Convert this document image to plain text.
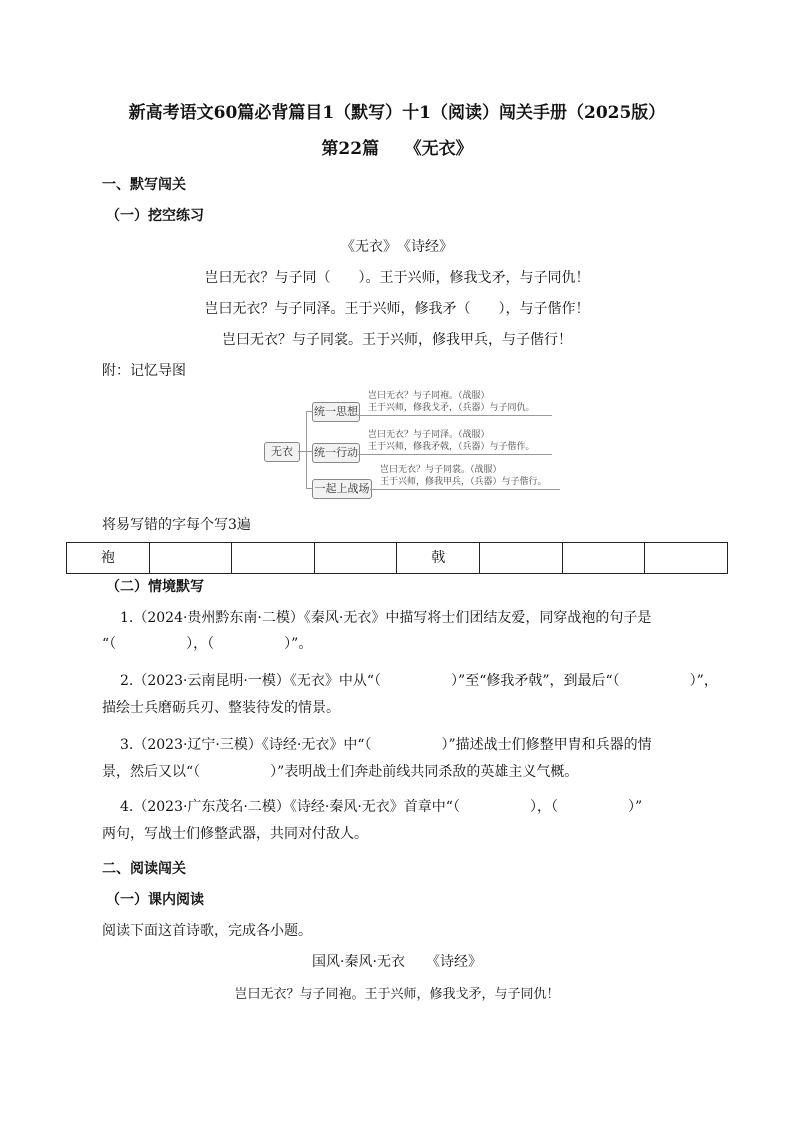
新高考语文60篇必背篇目1（默写）十1（阅读）闯关手册（2025版）
第22篇　　《无衣》
一、默写闯关
（一）挖空练习
《无衣》　《诗经》
岂曰无衣？与子同（　　）。王于兴师，修我戈矛，与子同仇！
岂曰无衣？与子同泽。王于兴师，修我矛（　　），与子偕作！
岂曰无衣？与子同裳。王于兴师，修我甲兵，与子偕行！
附：记忆导图
无衣
统一思想
统一行动
一起上战场
岂曰无衣？与子同袍。（战服）
王于兴师，修我戈矛，（兵器）与子同仇。
岂曰无衣？与子同泽。（战服）
王于兴师，修我矛戟，（兵器）与子偕作。
岂曰无衣？与子同裳。（战服）
王于兴师，修我甲兵，（兵器）与子偕行。
将易写错的字每个写3遍
袍				戟			
（二）情境默写
1.（2024·贵州黔东南·二模）《秦风·无衣》中描写将士们团结友爱，同穿战袍的句子是
“（　　　　　），（　　　　　）”。
2.（2023·云南昆明·一模）《无衣》中从“（　　　　　）”至“修我矛戟”，到最后“（　　　　　）”，
描绘士兵磨砺兵刃、整装待发的情景。
3.（2023·辽宁·三模）《诗经·无衣》中“（　　　　　）”描述战士们修整甲胄和兵器的情
景，然后又以“（　　　　　）”表明战士们奔赴前线共同杀敌的英雄主义气概。
4.（2023·广东茂名·二模）《诗经·秦风·无衣》首章中“（　　　　　），（　　　　　）”
两句，写战士们修整武器，共同对付敌人。
二、阅读闯关
（一）课内阅读
阅读下面这首诗歌，完成各小题。
国风·秦风·无衣　　《诗经》
岂曰无衣？与子同袍。王于兴师，修我戈矛，与子同仇！
